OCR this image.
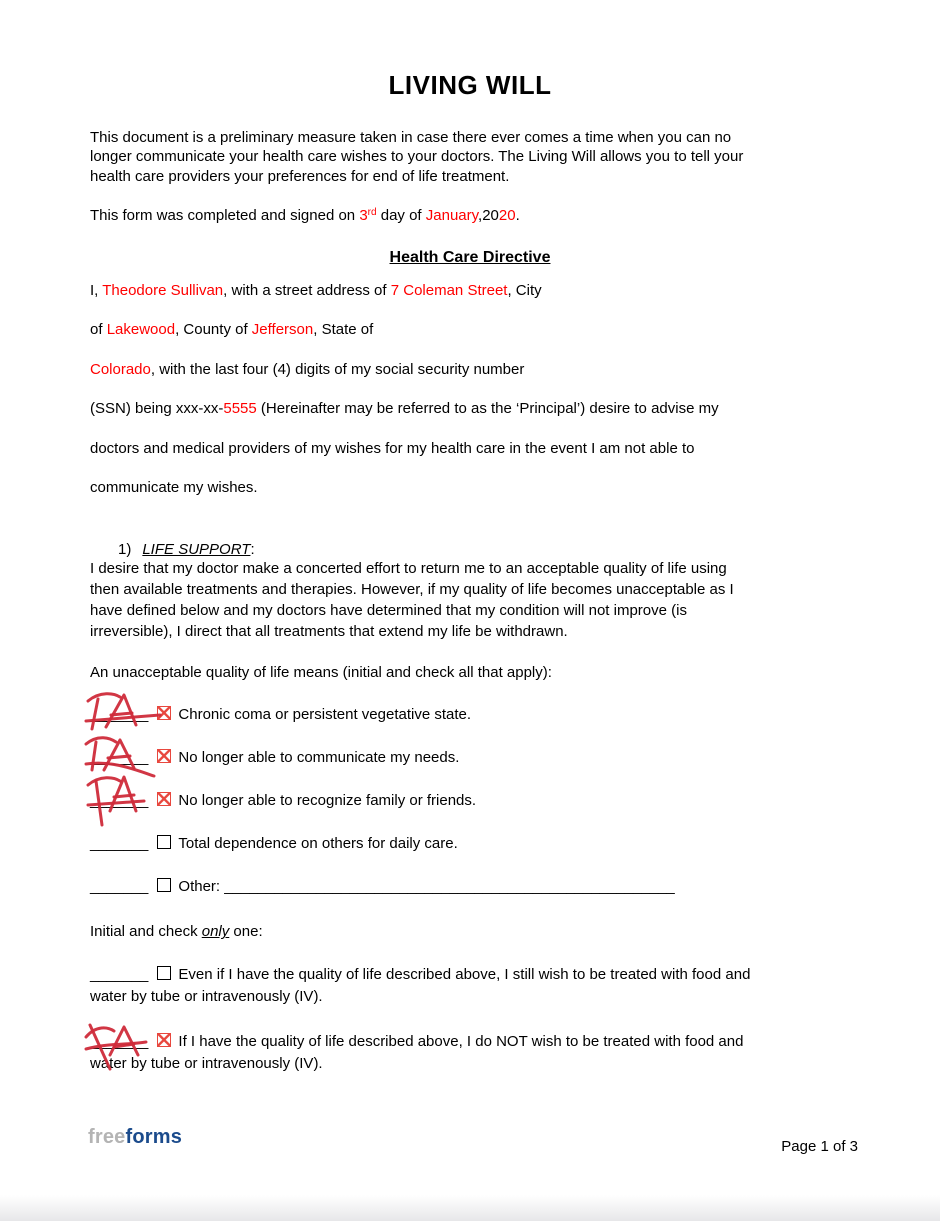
LIVING WILL
This document is a preliminary measure taken in case there ever comes a time when you can no
longer communicate your health care wishes to your doctors. The Living Will allows you to tell your
health care providers your preferences for end of life treatment.
This form was completed and signed on 3rd day of January,2020.
Health Care Directive
I, Theodore Sullivan, with a street address of 7 Coleman Street, City
of Lakewood, County of Jefferson, State of
Colorado, with the last four (4) digits of my social security number
(SSN) being xxx-xx-5555 (Hereinafter may be referred to as the ‘Principal’) desire to advise my
doctors and medical providers of my wishes for my health care in the event I am not able to
communicate my wishes.
1) LIFE SUPPORT:
I desire that my doctor make a concerted effort to return me to an acceptable quality of life using
then available treatments and therapies. However, if my quality of life becomes unacceptable as I
have defined below and my doctors have determined that my condition will not improve (is
irreversible), I direct that all treatments that extend my life be withdrawn.
An unacceptable quality of life means (initial and check all that apply):
_______ Chronic coma or persistent vegetative state.
_______ No longer able to communicate my needs.
_______ No longer able to recognize family or friends.
_______ Total dependence on others for daily care.
_______ Other: ______________________________________________________
Initial and check only one:
_______ Even if I have the quality of life described above, I still wish to be treated with food and
water by tube or intravenously (IV).
_______ If I have the quality of life described above, I do NOT wish to be treated with food and
water by tube or intravenously (IV).
freeforms	Page 1 of 3
